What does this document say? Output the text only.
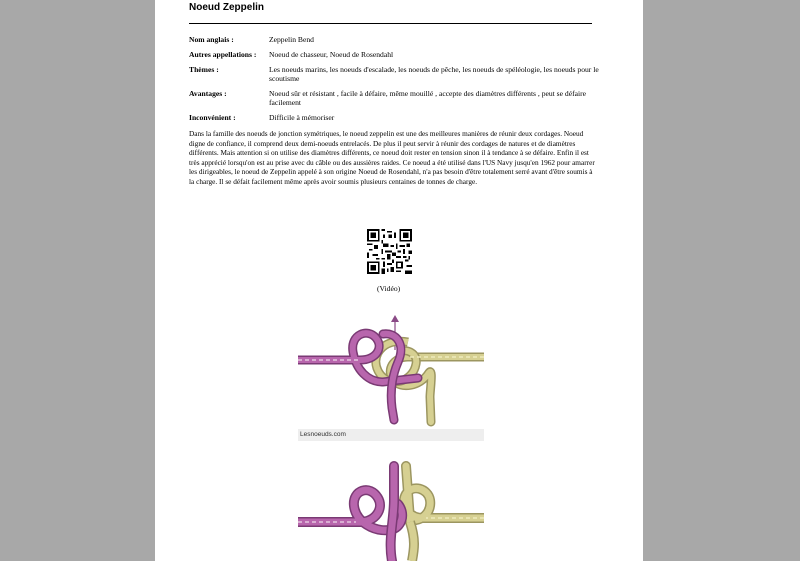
Noeud Zeppelin
Nom anglais :	Zeppelin Bend
Autres appellations :	Noeud de chasseur, Noeud de Rosendahl
Thèmes :	Les noeuds marins, les noeuds d'escalade, les noeuds de pêche, les noeuds de spéléologie, les noeuds pour le scoutisme
Avantages :	Noeud sûr et résistant , facile à défaire, même mouillé , accepte des diamètres différents , peut se défaire facilement
Inconvénient :	Difficile à mémoriser

Dans la famille des noeuds de jonction symétriques, le noeud zeppelin est une des meilleures manières de réunir deux cordages. Noeud digne de confiance, il comprend deux demi-noeuds entrelacés. De plus il peut servir à réunir des cordages de natures et de diamètres différents. Mais attention si on utilise des diamètres différents, ce noeud doit rester en tension sinon il à tendance à se défaire. Enfin il est très apprécié lorsqu'on est au prise avec du câble ou des aussières raides. Ce noeud a été utilisé dans l'US Navy jusqu'en 1962 pour amarrer les dirigeables, le noeud de Zeppelin appelé à son origine Noeud de Rosendahl, n'a pas besoin d'être totalement serré avant d'être soumis à la charge. Il se défait facilement même après avoir soumis plusieurs centaines de tonnes de charge.

(Vidéo)
Lesnoeuds.com
